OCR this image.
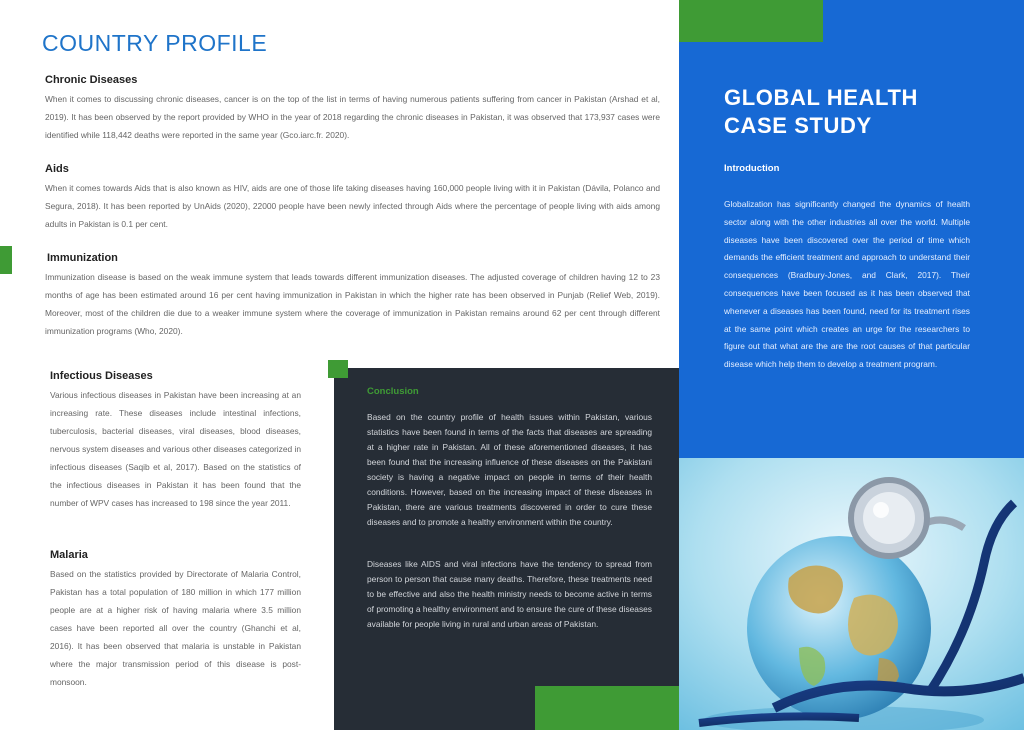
COUNTRY PROFILE
Chronic Diseases

When it comes to discussing chronic diseases, cancer is on the top of the list in terms of having numerous patients suffering from cancer in Pakistan (Arshad et al, 2019). It has been observed by the report provided by WHO in the year of 2018 regarding the chronic diseases in Pakistan, it was observed that 173,937 cases were identified while 118,442 deaths were reported in the same year (Gco.iarc.fr. 2020).

Aids

When it comes towards Aids that is also known as HIV, aids are one of those life taking diseases having 160,000 people living with it in Pakistan (Dávila, Polanco and Segura, 2018). It has been reported by UnAids (2020), 22000 people have been newly infected through Aids where the percentage of people living with aids among adults in Pakistan is 0.1 per cent.

Immunization

Immunization disease is based on the weak immune system that leads towards different immunization diseases. The adjusted coverage of children having 12 to 23 months of age has been estimated around 16 per cent having immunization in Pakistan in which the higher rate has been observed in Punjab (Relief Web, 2019). Moreover, most of the children die due to a weaker immune system where the coverage of immunization in Pakistan remains around 62 per cent through different immunization programs (Who, 2020).

Infectious Diseases

Various infectious diseases in Pakistan have been increasing at an increasing rate. These diseases include intestinal infections, tuberculosis, bacterial diseases, viral diseases, blood diseases, nervous system diseases and various other diseases categorized in infectious diseases (Saqib et al, 2017). Based on the statistics of the infectious diseases in Pakistan it has been found that the number of WPV cases has increased to 198 since the year 2011.

Malaria

Based on the statistics provided by Directorate of Malaria Control, Pakistan has a total population of 180 million in which 177 million people are at a higher risk of having malaria where 3.5 million cases have been reported all over the country (Ghanchi et al, 2016). It has been observed that malaria is unstable in Pakistan where the major transmission period of this disease is post-monsoon.

Conclusion

Based on the country profile of health issues within Pakistan, various statistics have been found in terms of the facts that diseases are spreading at a higher rate in Pakistan. All of these aforementioned diseases, it has been found that the increasing influence of these diseases on the Pakistani society is having a negative impact on people in terms of their health conditions. However, based on the increasing impact of these diseases in Pakistan, there are various treatments discovered in order to cure these diseases and to promote a healthy environment within the country.

Diseases like AIDS and viral infections have the tendency to spread from person to person that cause many deaths. Therefore, these treatments need to be effective and also the health ministry needs to become active in terms of promoting a healthy environment and to ensure the cure of these diseases available for people living in rural and urban areas of Pakistan.

GLOBAL HEALTH
CASE STUDY
Introduction

Globalization has significantly changed the dynamics of health sector along with the other industries all over the world. Multiple diseases have been discovered over the period of time which demands the efficient treatment and approach to understand their consequences (Bradbury-Jones, and Clark, 2017). Their consequences have been focused as it has been observed that whenever a diseases has been found, need for its treatment rises at the same point which creates an urge for the researchers to figure out that what are the are the root causes of that particular disease which help them to develop a treatment program.
